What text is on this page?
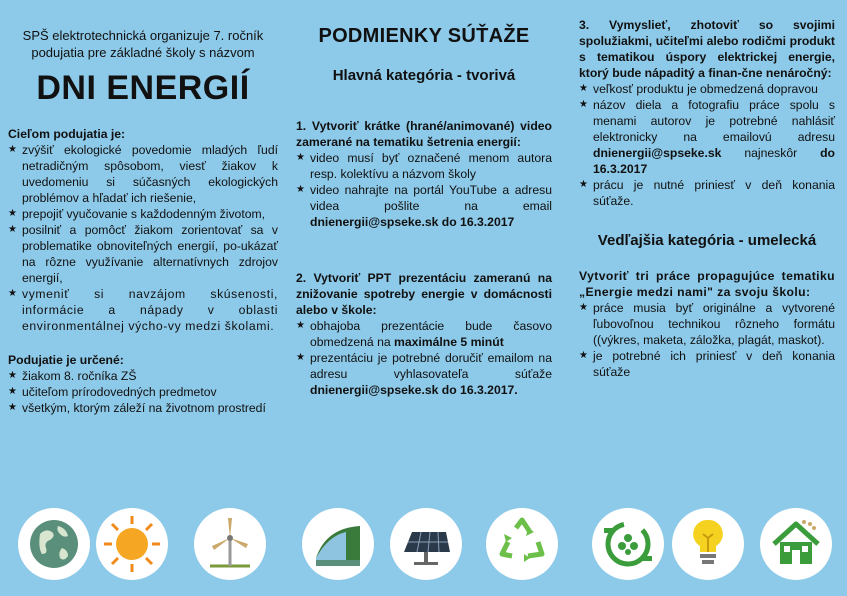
SPŠ elektrotechnická organizuje 7. ročník
podujatia pre základné školy s názvom
DNI ENERGIÍ
Cieľom podujatia je:
★ zvýšiť ekologické povedomie mladých ľudí netradičným spôsobom, viesť žiakov k uvedomeniu si súčasných ekologických problémov a hľadať ich riešenie,
★ prepojiť vyučovanie s každodenným životom,
★ posilniť a pomôcť žiakom zorientovať sa v problematike obnoviteľných energií, po-ukázať na rôzne využívanie alternatívnych zdrojov energií,
★ vymeniť si navzájom skúsenosti, informácie a nápady v oblasti environmentálnej výcho-vy medzi školami.
Podujatie je určené:
★ žiakom 8. ročníka ZŠ
★ učiteľom prírodovedných predmetov
★ všetkým, ktorým záleží na životnom prostredí
PODMIENKY SÚŤAŽE
Hlavná kategória - tvorivá
1. Vytvoriť krátke (hrané/animované) video zamerané na tematiku šetrenia energií:
★ video musí byť označené menom autora resp. kolektívu a názvom školy
★ video nahrajte na portál YouTube a adresu videa pošlite na email dnienergii@spseke.sk do 16.3.2017
2. Vytvoriť PPT prezentáciu zameranú na znižovanie spotreby energie v domácnosti alebo v škole:
★ obhajoba prezentácie bude časovo obmedzená na maximálne 5 minút
★ prezentáciu je potrebné doručiť emailom na adresu vyhlasovateľa súťaže dnienergii@spseke.sk do 16.3.2017.
3. Vymyslieť, zhotoviť so svojimi spolužiakmi, učiteľmi alebo rodičmi produkt s tematikou úspory elektrickej energie, ktorý bude nápaditý a finan-čne nenáročný:
★ veľkosť produktu je obmedzená dopravou
★ názov diela a fotografiu práce spolu s menami autorov je potrebné nahlásiť elektronicky na emailovú adresu dnienergii@spseke.sk najneskôr do 16.3.2017
★ prácu je nutné priniesť v deň konania súťaže.
Vedľajšia kategória - umelecká
Vytvoriť tri práce propagujúce tematiku „Energie medzi nami" za svoju školu:
★ práce musia byť originálne a vytvorené ľubovoľnou technikou rôzneho formátu ((výkres, maketa, záložka, plagát, maskot).
★ je potrebné ich priniesť v deň konania súťaže
